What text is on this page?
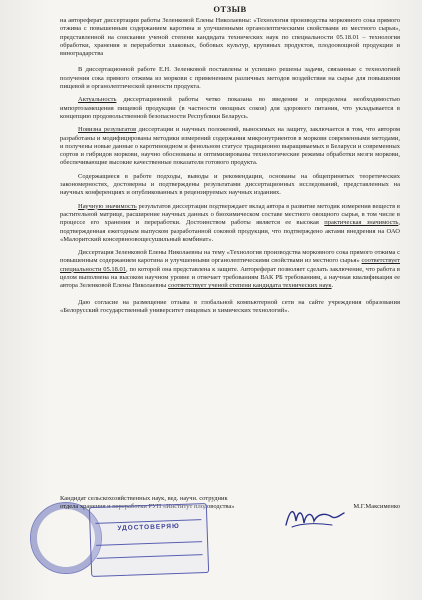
ОТЗЫВ

на автореферат диссертации работы Зеленковой Елены Николаевны: «Технология производства морковного сока прямого отжима с повышенным содержанием каротина и улучшенными органолептическими свойствами из местного сырья», представленной на соискание ученой степени кандидата технических наук по специальности 05.18.01 – технология обработки, хранения и переработки злаковых, бобовых культур, крупяных продуктов, плодоовощной продукции и виноградарства

В диссертационной работе Е.Н. Зеленковой поставлены и успешно решены задачи, связанные с технологией получения сока прямого отжима из моркови с применением различных методов воздействия на сырье для повышения пищевой и органолептической ценности продукта.

Актуальность диссертационной работы четко показана во введении и определена необходимостью импортозамещения пищевой продукции (в частности овощных соков) для здорового питания, что укладывается в концепцию продовольственной безопасности Республики Беларусь.

Новизна результатов диссертации и научных положений, выносимых на защиту, заключается в том, что автором разработаны и модифицированы методики измерений содержания микронутриентов в моркови современными методами, и получены новые данные о каротиноидном и фенольном статусе традиционно выращиваемых в Беларуси и современных сортов и гибридов моркови, научно обоснованы и оптимизированы технологические режимы обработки мезги моркови, обеспечивающие высокие качественные показатели готового продукта.

Содержащиеся в работе подходы, выводы и рекомендации, основаны на общепринятых теоретических закономерностях, достоверны и подтверждены результатами диссертационных исследований, представленных на научных конференциях и опубликованных в рецензируемых научных изданиях.

Научную значимость результатов диссертации подтверждает вклад автора в развитие методик измерения веществ в растительной матрице, расширение научных данных о биохимическом составе местного овощного сырья, в том числе в процессе его хранения и переработки. Достоинством работы является ее высокая практическая значимость, подтвержденная ежегодным выпуском разработанной соковой продукции, что подтверждено актами внедрения на ОАО «Малоритский консервноовощесушильный комбинат».

Диссертация Зеленковой Елены Николаевны на тему «Технология производства морковного сока прямого отжима с повышенным содержанием каротина и улучшенными органолептическими свойствами из местного сырья» соответствует специальности 05.18.01, по которой она представлена к защите. Автореферат позволяет сделать заключение, что работа в целом выполнена на высоком научном уровне и отвечает требованиям ВАК РБ требованиям, а научная квалификация ее автора Зеленковой Елены Николаевны соответствует ученой степени кандидата технических наук.

Даю согласие на размещение отзыва в глобальной компьютерной сети на сайте учреждения образования «Белорусский государственный университет пищевых и химических технологий».

Кандидат сельскохозяйственных наук, вед. научн. сотрудник
отдела хранения и переработки РУП «Институт плодоводства»	М.Г.Максименко
УДОСТОВЕРЯЮ
